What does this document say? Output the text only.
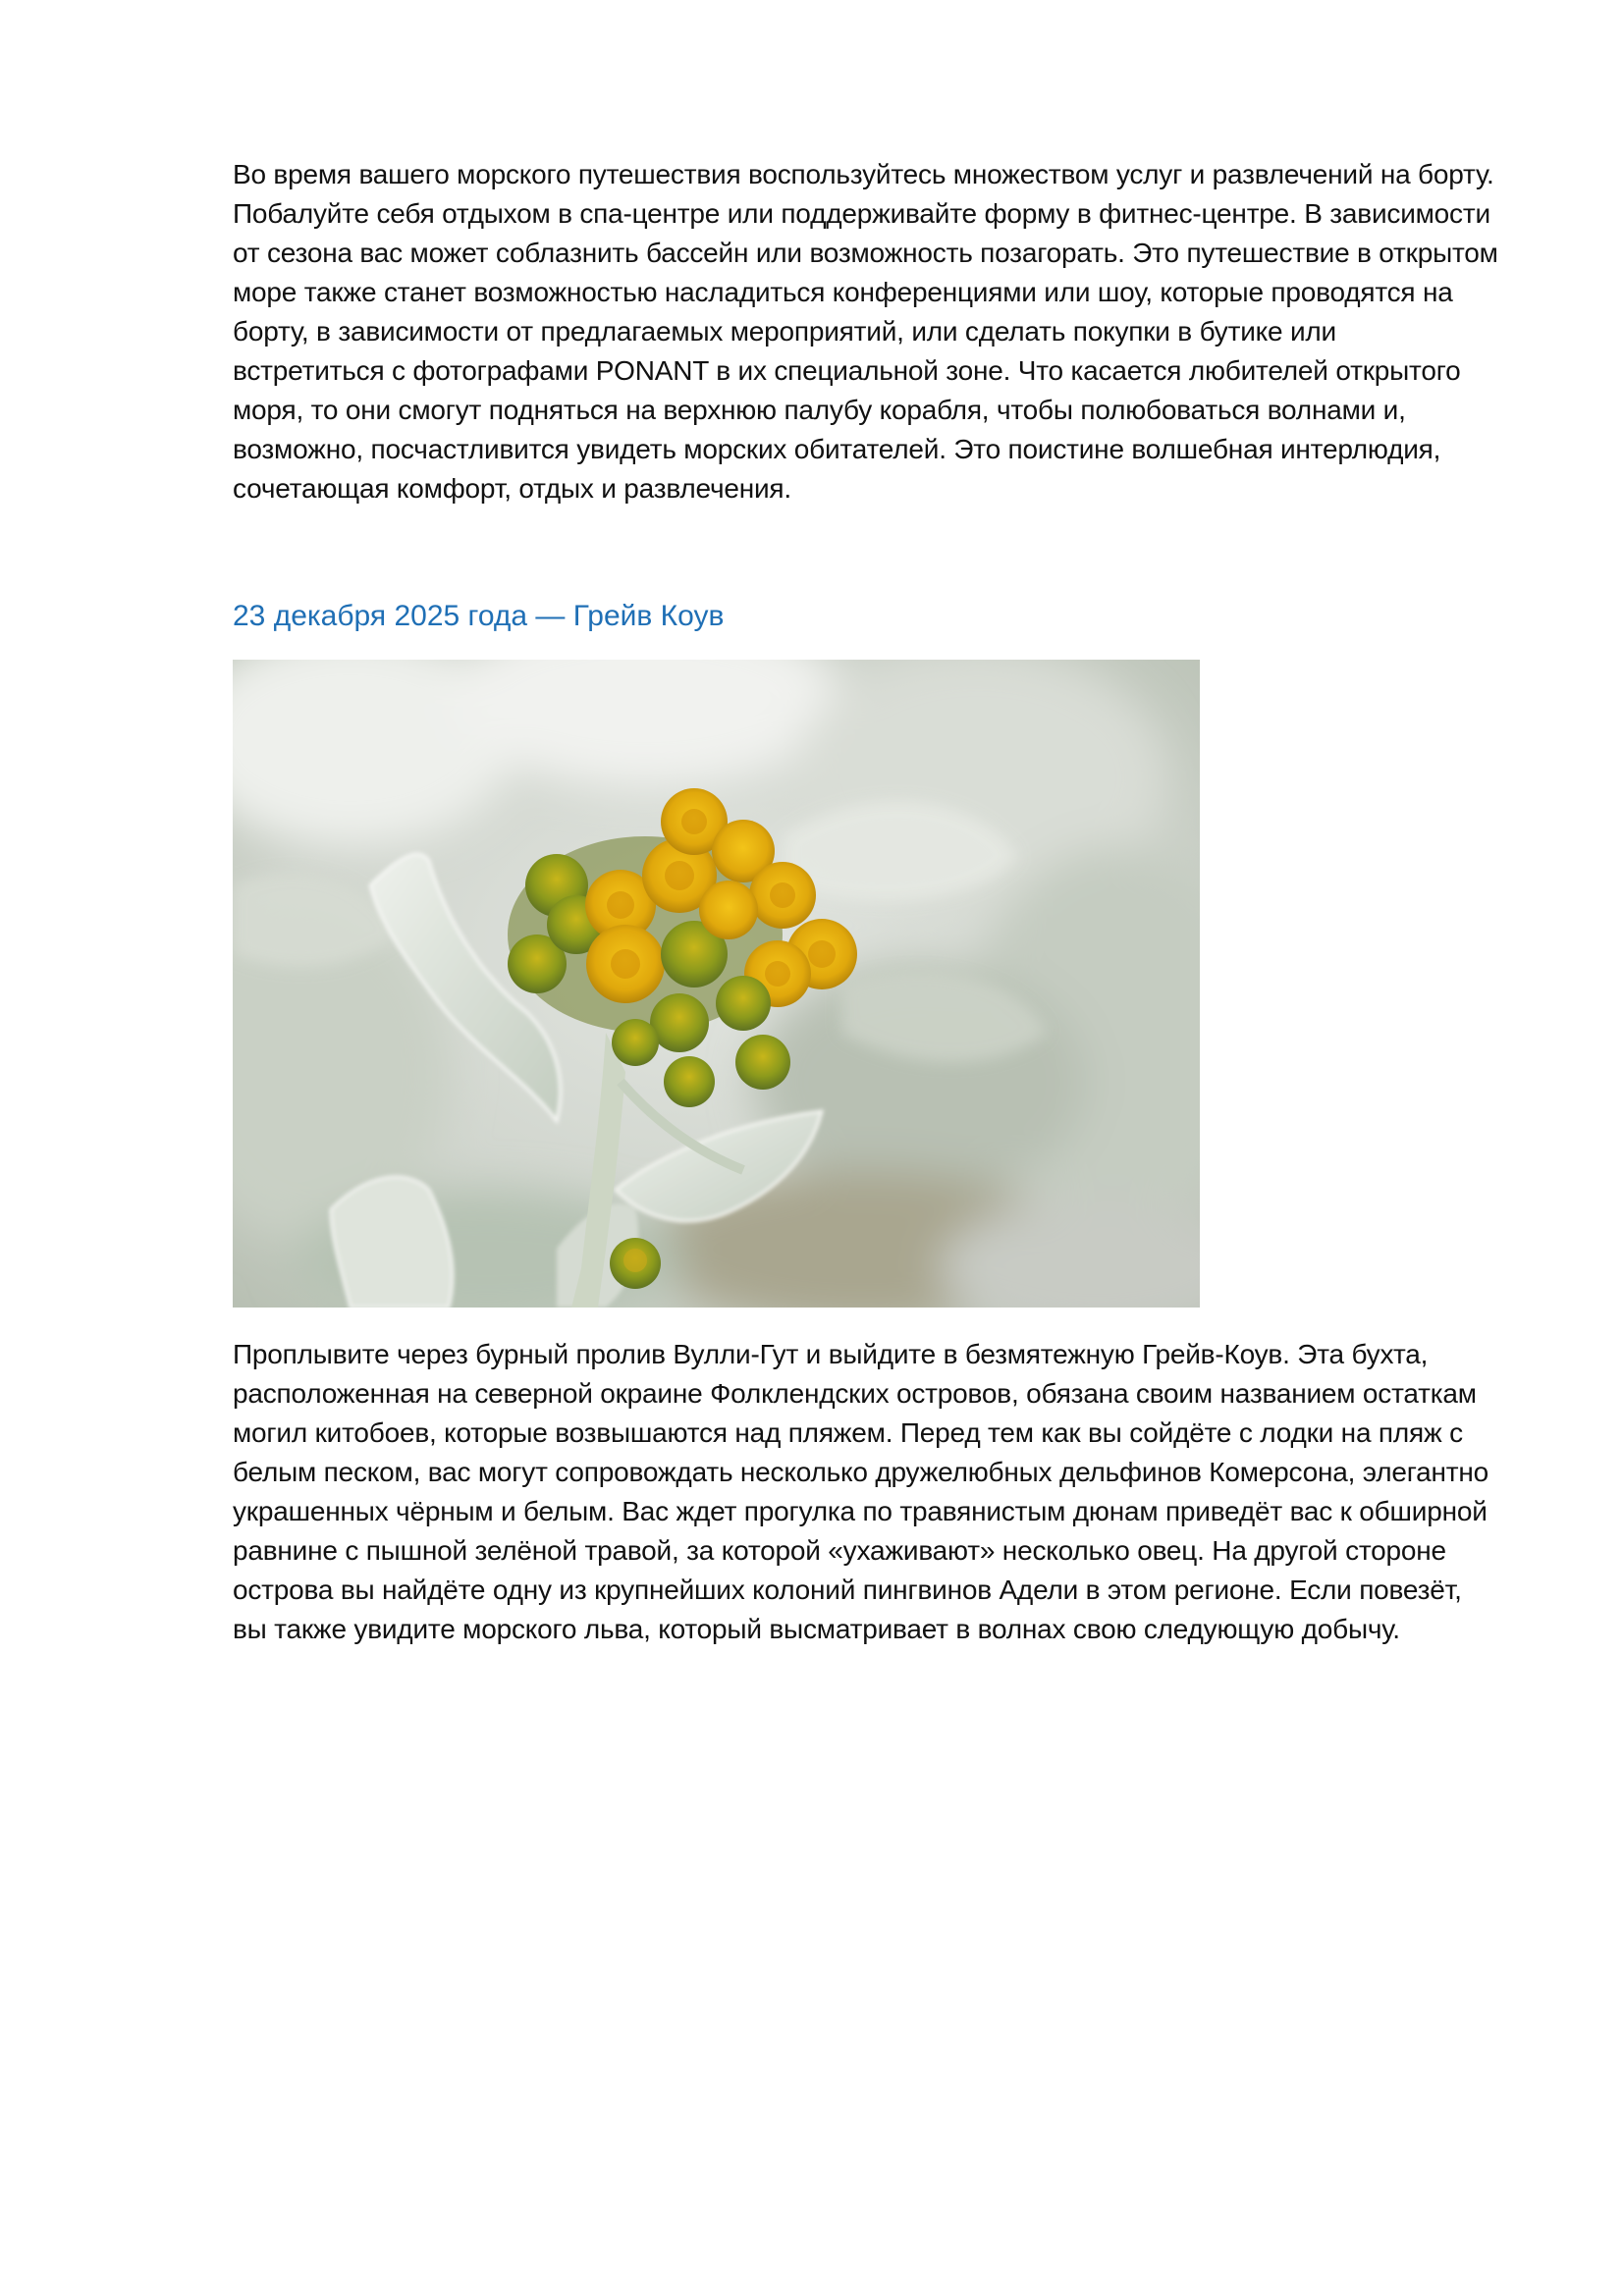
Во время вашего морского путешествия воспользуйтесь множеством услуг и развлечений на борту.
Побалуйте себя отдыхом в спа-центре или поддерживайте форму в фитнес-центре. В зависимости
от сезона вас может соблазнить бассейн или возможность позагорать. Это путешествие в открытом
море также станет возможностью насладиться конференциями или шоу, которые проводятся на
борту, в зависимости от предлагаемых мероприятий, или сделать покупки в бутике или
встретиться с фотографами PONANT в их специальной зоне. Что касается любителей открытого
моря, то они смогут подняться на верхнюю палубу корабля, чтобы полюбоваться волнами и,
возможно, посчастливится увидеть морских обитателей. Это поистине волшебная интерлюдия,
сочетающая комфорт, отдых и развлечения.

23 декабря 2025 года — Грейв Коув

Проплывите через бурный пролив Вулли-Гут и выйдите в безмятежную Грейв-Коув. Эта бухта,
расположенная на северной окраине Фолклендских островов, обязана своим названием остаткам
могил китобоев, которые возвышаются над пляжем. Перед тем как вы сойдёте с лодки на пляж с
белым песком, вас могут сопровождать несколько дружелюбных дельфинов Комерсона, элегантно
украшенных чёрным и белым. Вас ждет прогулка по травянистым дюнам приведёт вас к обширной
равнине с пышной зелёной травой, за которой «ухаживают» несколько овец. На другой стороне
острова вы найдёте одну из крупнейших колоний пингвинов Адели в этом регионе. Если повезёт,
вы также увидите морского льва, который высматривает в волнах свою следующую добычу.
